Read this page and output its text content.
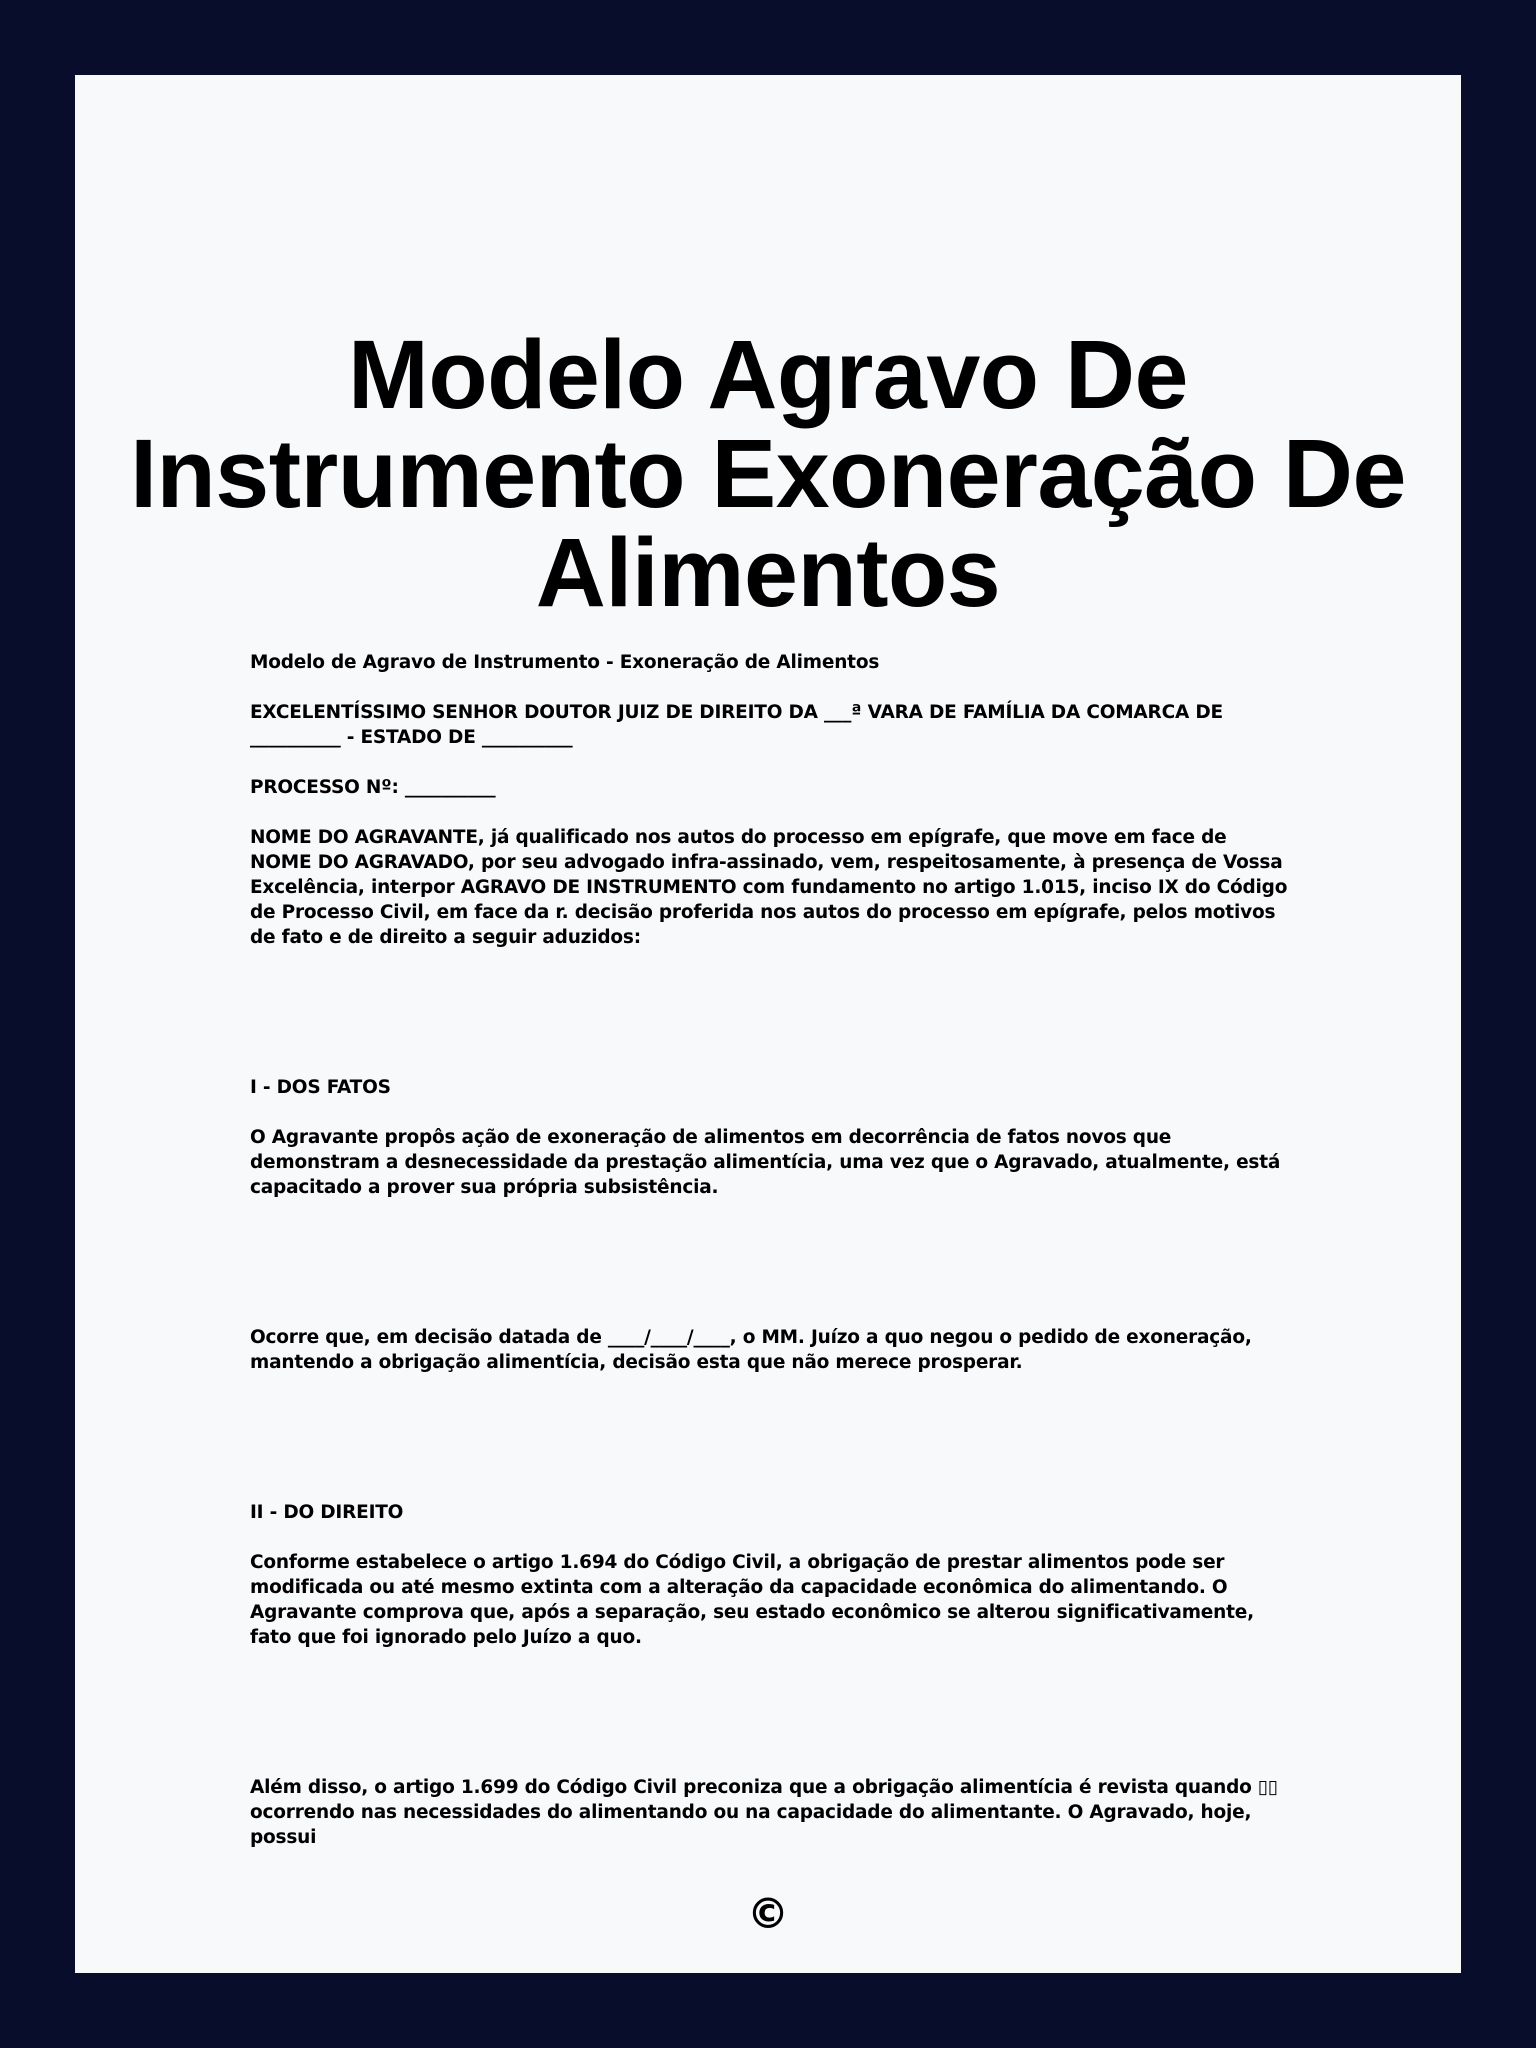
Modelo Agravo De Instrumento Exoneração De Alimentos

Modelo de Agravo de Instrumento - Exoneração de Alimentos

EXCELENTÍSSIMO SENHOR DOUTOR JUIZ DE DIREITO DA ___ª VARA DE FAMÍLIA DA COMARCA DE __________ - ESTADO DE __________

PROCESSO Nº: __________

NOME DO AGRAVANTE, já qualificado nos autos do processo em epígrafe, que move em face de NOME DO AGRAVADO, por seu advogado infra-assinado, vem, respeitosamente, à presença de Vossa Excelência, interpor AGRAVO DE INSTRUMENTO com fundamento no artigo 1.015, inciso IX do Código de Processo Civil, em face da r. decisão proferida nos autos do processo em epígrafe, pelos motivos de fato e de direito a seguir aduzidos:

I - DOS FATOS

O Agravante propôs ação de exoneração de alimentos em decorrência de fatos novos que demonstram a desnecessidade da prestação alimentícia, uma vez que o Agravado, atualmente, está capacitado a prover sua própria subsistência.

Ocorre que, em decisão datada de ____/____/____, o MM. Juízo a quo negou o pedido de exoneração, mantendo a obrigação alimentícia, decisão esta que não merece prosperar.

II - DO DIREITO

Conforme estabelece o artigo 1.694 do Código Civil, a obrigação de prestar alimentos pode ser modificada ou até mesmo extinta com a alteração da capacidade econômica do alimentando. O Agravante comprova que, após a separação, seu estado econômico se alterou significativamente, fato que foi ignorado pelo Juízo a quo.

Além disso, o artigo 1.699 do Código Civil preconiza que a obrigação alimentícia é revista quando ▯▯ ocorrendo nas necessidades do alimentando ou na capacidade do alimentante. O Agravado, hoje, possui

©
